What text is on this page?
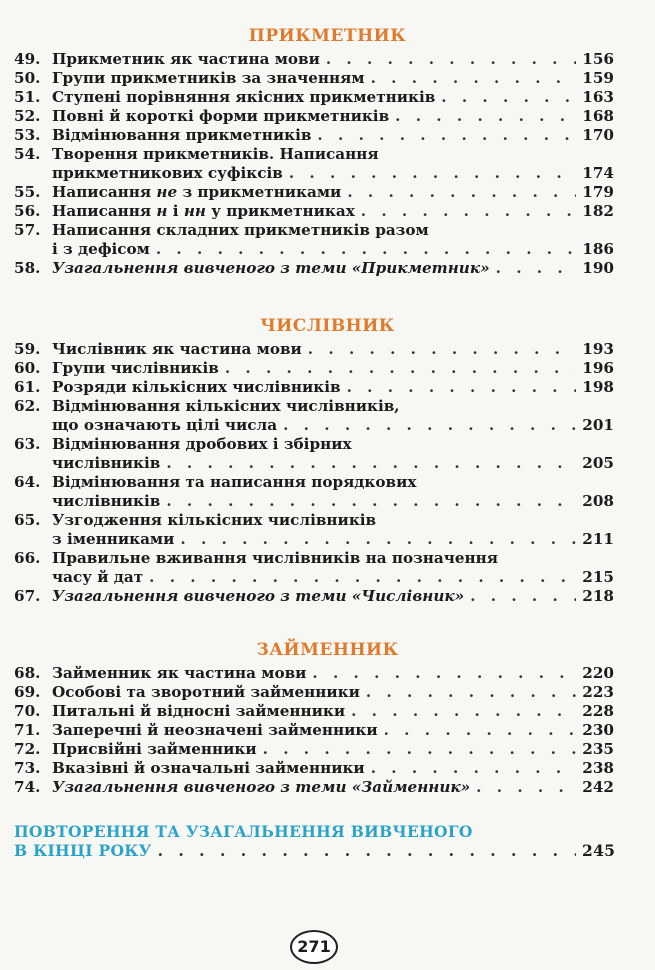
ПРИКМЕТНИК
49. Прикметник як частина мови . . .	156
50. Групи прикметників за значенням . . .	159
51. Ступені порівняння якісних прикметників . . .	163
52. Повні й короткі форми прикметників . . .	168
53. Відмінювання прикметників . . .	170
54. Творення прикметників. Написання
прикметникових суфіксів . . .	174
55. Написання не з прикметниками . . .	179
56. Написання н і нн у прикметниках . . .	182
57. Написання складних прикметників разом
і з дефісом . . .	186
58. Узагальнення вивченого з теми «Прикметник» . . .	190
ЧИСЛІВНИК
59. Числівник як частина мови . . .	193
60. Групи числівників . . .	196
61. Розряди кількісних числівників . . .	198
62. Відмінювання кількісних числівників,
що означають цілі числа . . .	201
63. Відмінювання дробових і збірних
числівників . . .	205
64. Відмінювання та написання порядкових
числівників . . .	208
65. Узгодження кількісних числівників
з іменниками . . .	211
66. Правильне вживання числівників на позначення
часу й дат . . .	215
67. Узагальнення вивченого з теми «Числівник» . . .	218
ЗАЙМЕННИК
68. Займенник як частина мови . . .	220
69. Особові та зворотний займенники . . .	223
70. Питальні й відносні займенники . . .	228
71. Заперечні й неозначені займенники . . .	230
72. Присвійні займенники . . .	235
73. Вказівні й означальні займенники . . .	238
74. Узагальнення вивченого з теми «Займенник» . . .	242
ПОВТОРЕННЯ ТА УЗАГАЛЬНЕННЯ ВИВЧЕНОГО
В КІНЦІ РОКУ . . .	245
271
